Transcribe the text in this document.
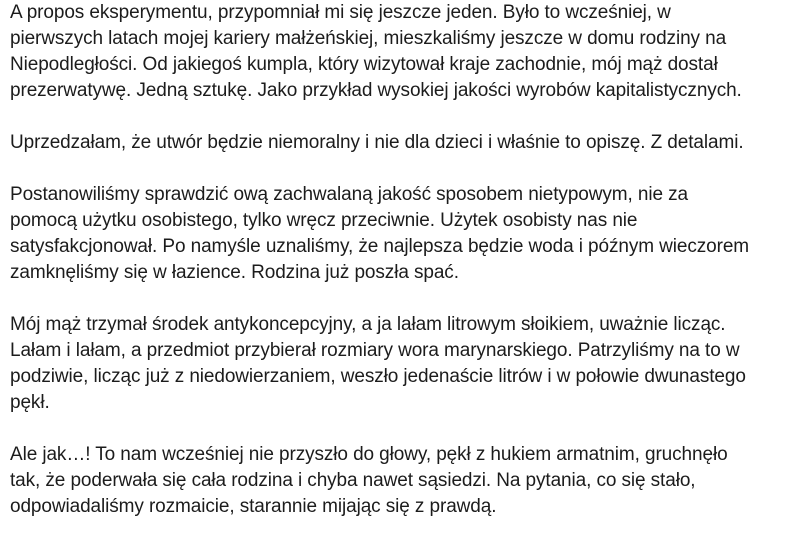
A propos eksperymentu, przypomniał mi się jeszcze jeden. Było to wcześniej, w
pierwszych latach mojej kariery małżeńskiej, mieszkaliśmy jeszcze w domu rodziny na
Niepodległości. Od jakiegoś kumpla, który wizytował kraje zachodnie, mój mąż dostał
prezerwatywę. Jedną sztukę. Jako przykład wysokiej jakości wyrobów kapitalistycznych.

Uprzedzałam, że utwór będzie niemoralny i nie dla dzieci i właśnie to opiszę. Z detalami.

Postanowiliśmy sprawdzić ową zachwalaną jakość sposobem nietypowym, nie za
pomocą użytku osobistego, tylko wręcz przeciwnie. Użytek osobisty nas nie
satysfakcjonował. Po namyśle uznaliśmy, że najlepsza będzie woda i późnym wieczorem
zamknęliśmy się w łazience. Rodzina już poszła spać.

Mój mąż trzymał środek antykoncepcyjny, a ja lałam litrowym słoikiem, uważnie licząc.
Lałam i lałam, a przedmiot przybierał rozmiary wora marynarskiego. Patrzyliśmy na to w
podziwie, licząc już z niedowierzaniem, weszło jedenaście litrów i w połowie dwunastego
pękł.

Ale jak…! To nam wcześniej nie przyszło do głowy, pękł z hukiem armatnim, gruchnęło
tak, że poderwała się cała rodzina i chyba nawet sąsiedzi. Na pytania, co się stało,
odpowiadaliśmy rozmaicie, starannie mijając się z prawdą.
